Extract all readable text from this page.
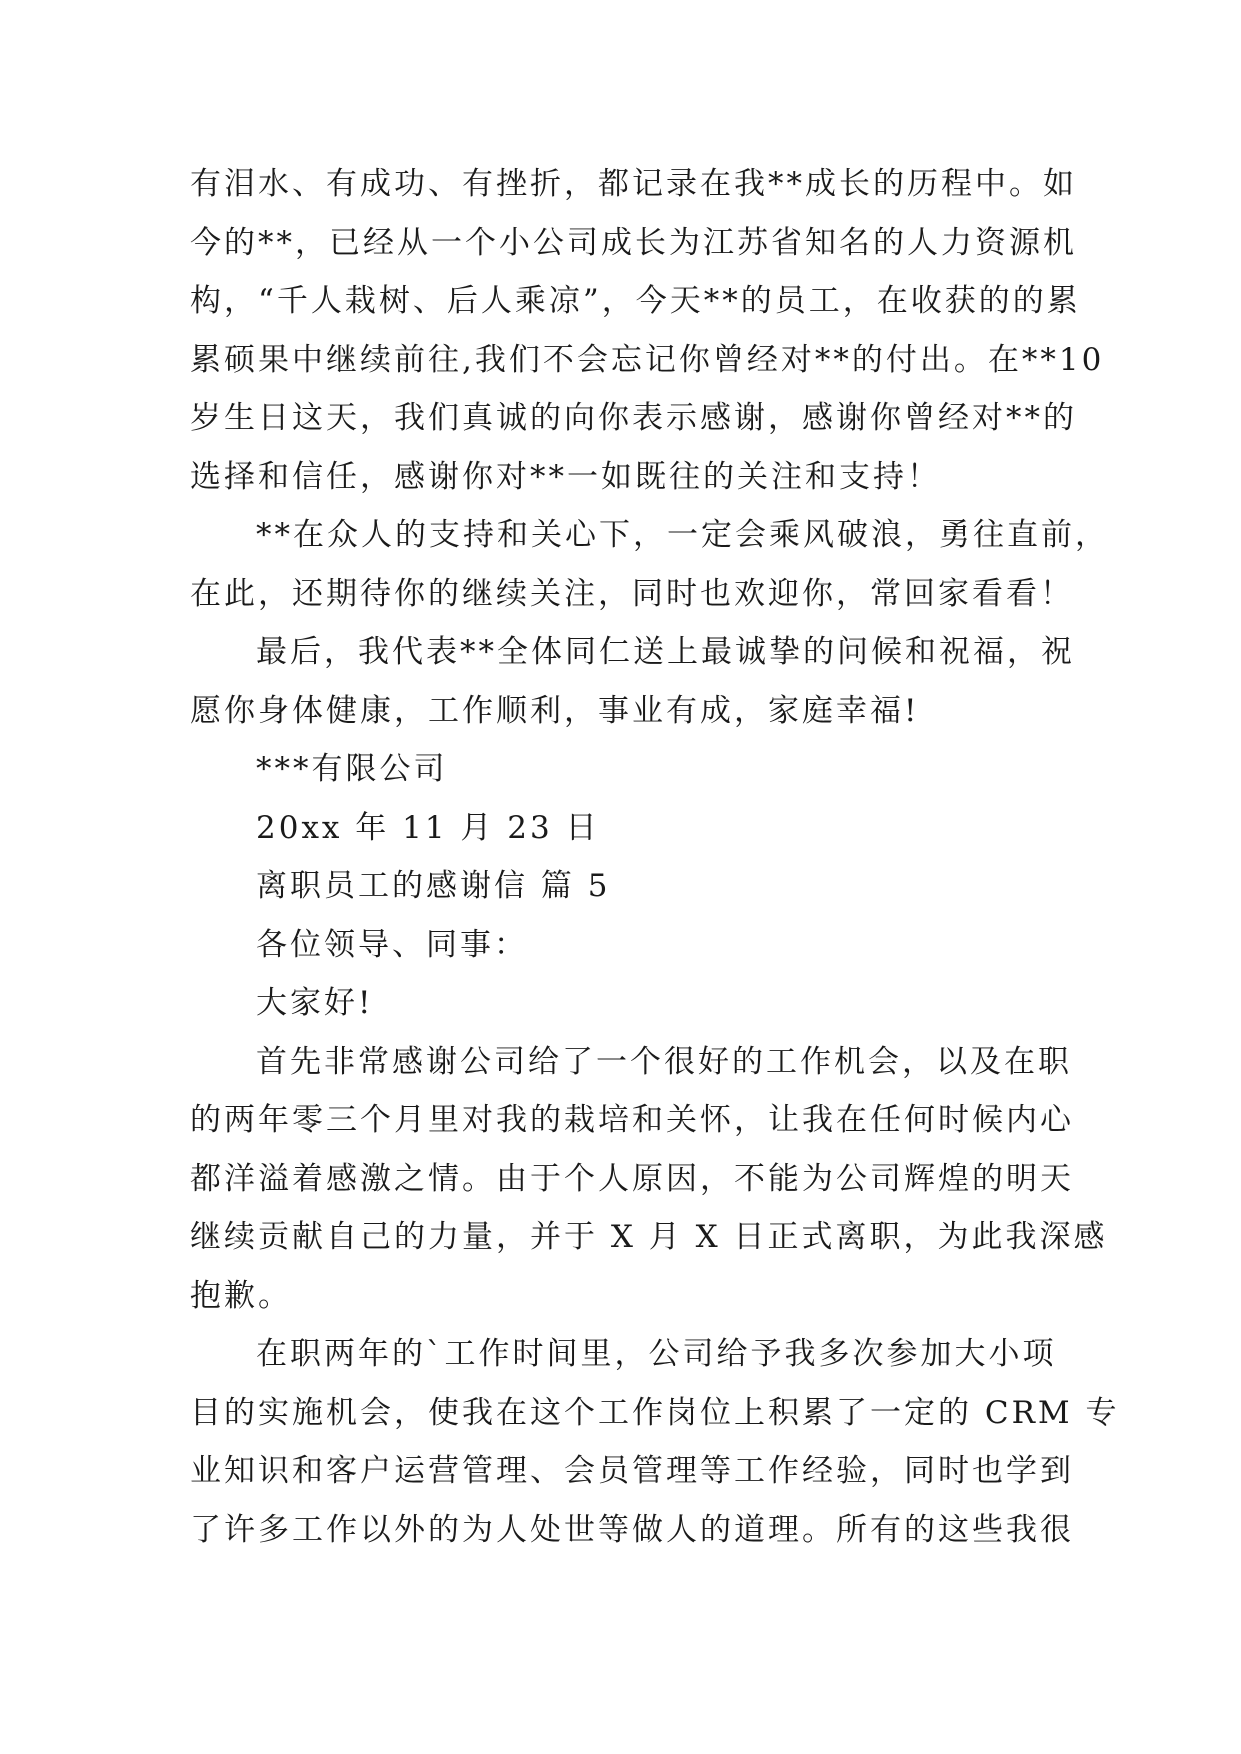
有泪水、有成功、有挫折，都记录在我**成长的历程中。如
今的**，已经从一个小公司成长为江苏省知名的人力资源机
构，“千人栽树、后人乘凉”，今天**的员工，在收获的的累
累硕果中继续前往,我们不会忘记你曾经对**的付出。在**10
岁生日这天，我们真诚的向你表示感谢，感谢你曾经对**的
选择和信任，感谢你对**一如既往的关注和支持！
**在众人的支持和关心下，一定会乘风破浪，勇往直前，
在此，还期待你的继续关注，同时也欢迎你，常回家看看！
最后，我代表**全体同仁送上最诚挚的问候和祝福，祝
愿你身体健康，工作顺利，事业有成，家庭幸福!
***有限公司
20xx 年 11 月 23 日
离职员工的感谢信 篇 5
各位领导、同事：
大家好!
首先非常感谢公司给了一个很好的工作机会，以及在职
的两年零三个月里对我的栽培和关怀，让我在任何时候内心
都洋溢着感激之情。由于个人原因，不能为公司辉煌的明天
继续贡献自己的力量，并于 X 月 X 日正式离职，为此我深感
抱歉。
在职两年的`工作时间里，公司给予我多次参加大小项
目的实施机会，使我在这个工作岗位上积累了一定的 CRM 专
业知识和客户运营管理、会员管理等工作经验，同时也学到
了许多工作以外的为人处世等做人的道理。所有的这些我很
